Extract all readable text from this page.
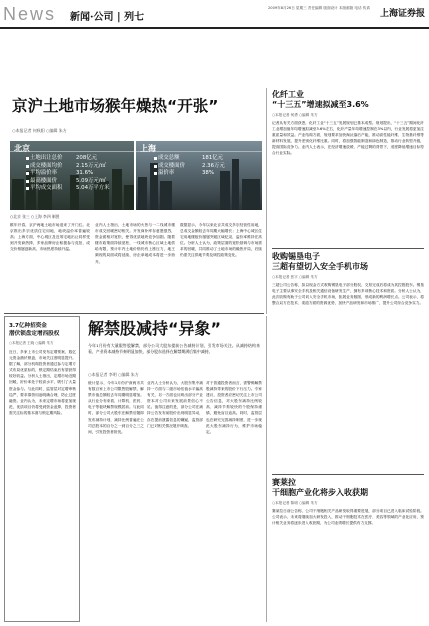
News 新闻·公司 | 列七
2009年8月26日 星期三 责任编辑 版面设计 本版邮箱 电话 传真
上海证券报
京沪土地市场猴年燥热“开张”
○本报记者 何秋阳 ○编辑 朱方
北京	上海
土地出让总价	208亿元
成交楼面均价	2.15万元/㎡
平均溢价率	31.6%
最高楼面价	5.09万元/㎡
平均成交面积	5.04万平方米
成交总额	181亿元
成交楼面价	2.36万元
溢价率	38%
○北京 张三 ○上海 李四 制图
猴年开春，京沪两地土地市场迎来了开门红。北京推出多宗优质住宅用地，地块溢价率普遍较高；上海方面，中心城区及近郊宅地出让同样受到开发商热捧，多家品牌房企积极参与竞拍，成交价格屡创新高，市场热度持续升温。
业内人士指出，土地市场的火热与一二线城市楼市成交回暖密切相关。开发商补库存意愿强烈，资金面相对宽松，使得优质地块竞争加剧。随着楼市政策面持续宽松，一线城市核心区域土地供给有限，预计年内土地价格仍有上涨压力，地王频现的局面或将延续，房企拿地成本将进一步抬升。
数据显示，今年以来北京共成交多宗经营性用地，总成交金额较去年同期大幅增长；上海中心城区住宅用地楼板价屡屡突破区域纪录，溢价率维持在高位。分析人士认为，政策层面的宽松基调与市场需求的回暖，共同推动了土地市场的燥热开局，后续仍需关注供地节奏及调控政策变化。
3.7亿种招资金
潜伏锁盘定增西股权
○本报记者 王晓 ○编辑 朱方
近日，多家上市公司发布定增预案，数亿元资金潜伏锁盘，市场关注度明显提升。据了解，部分机构投资者通过参与定增方式布局优质标的，锁定期结束后有望获得较好收益。分析人士指出，定增市场近期回暖，折价率处于较高水平，吸引了大量资金参与。与此同时，监管层对定增审核趋严，要求募资用途明确合理，防止过度融资。业内认为，未来定增市场将更加规范，优质项目仍将受到资金追捧，投资者需关注标的基本面与锁定期风险。
解禁股减持“异象”
今年1月份有大量限售股解禁，部分公司大股东提前公告减持计划，引发市场关注。从减持结构来看，产业资本减持节奏明显加快，部分股东选择在解禁期满后集中减持。
○本报记者 李明 ○编辑 朱方
统计显示，今年1月份沪深两市共有数百家上市公司限售股解禁，解禁市值总额较去年同期明显增加。从行业分布来看，计算机、医药、电子等板块解禁规模居前。与此同时，部分公司大股东在解禁后随即发布减持计划，减持比例普遍在公司总股本的百分之一到百分之三之间，引发投资者担忧。
业内人士分析认为，大股东集中减持一方面与二级市场估值水平偏高有关，另一方面也反映出部分产业资本对公司未来发展前景信心不足。值得注意的是，部分公司在减持公告发布前股价出现明显异动，存在提前泄露信息的嫌疑，监管部门已对相关情况展开调查。
对于普通投资者而言，需警惕解禁股减持带来的股价下行压力。专家建议，投资者应密切关注上市公司公告信息，对大股东减持比例较高、减持节奏较快的个股保持谨慎，避免盲目追高。同时，监管层也在研究完善减持制度，进一步规范大股东减持行为，维护市场稳定。
化纤工业
“十三五”增速拟减至3.6%
○本报记者 何勇 ○编辑 朱方
记者从有关方面获悉，化纤工业“十三五”发展规划已基本成型。规划提出，“十三五”期间化纤工业增加值年均增速拟减至3.6%左右，化纤产量年均增速控制在3%以内，行业发展将更加注重质量和效益。产业结构方面，规划要求加快淘汰落后产能，推动高性能纤维、生物基纤维等新材料发展，提升差别化纤维比重。同时，将加强智能制造和绿色制造，推动行业转型升级，提高国际竞争力。业内人士表示，在经济增速放缓、产能过剩的背景下，适度降低增速目标符合行业实际。
收购锡垦电子
三超有望切入安全手机市场
○本报记者 张宇 ○编辑 朱方
三超公司公告称，拟以现金方式收购锡垦电子部分股权，交易完成后将成为其控股股东。锡垦电子主要从事安全手机及相关通信设备研发生产，拥有多项核心技术和资质。分析人士认为，此次收购有助于公司切入安全手机市场，拓展业务版图，形成新的利润增长点。公司表示，将整合双方在技术、渠道方面的资源优势，加快产品研发和市场推广，提升公司综合竞争实力。
赛莱拉
干细胞产业化将步入收获期
○本报记者 陈明 ○编辑 朱方
赛莱拉日前公告称，公司干细胞相关产品研发取得重要进展，部分项目已进入临床试验阶段。公司表示，未来将继续加大研发投入，推动干细胞技术在医疗、美容等领域的产业化应用，预计相关业务将逐步进入收获期，为公司业绩增长提供有力支撑。
